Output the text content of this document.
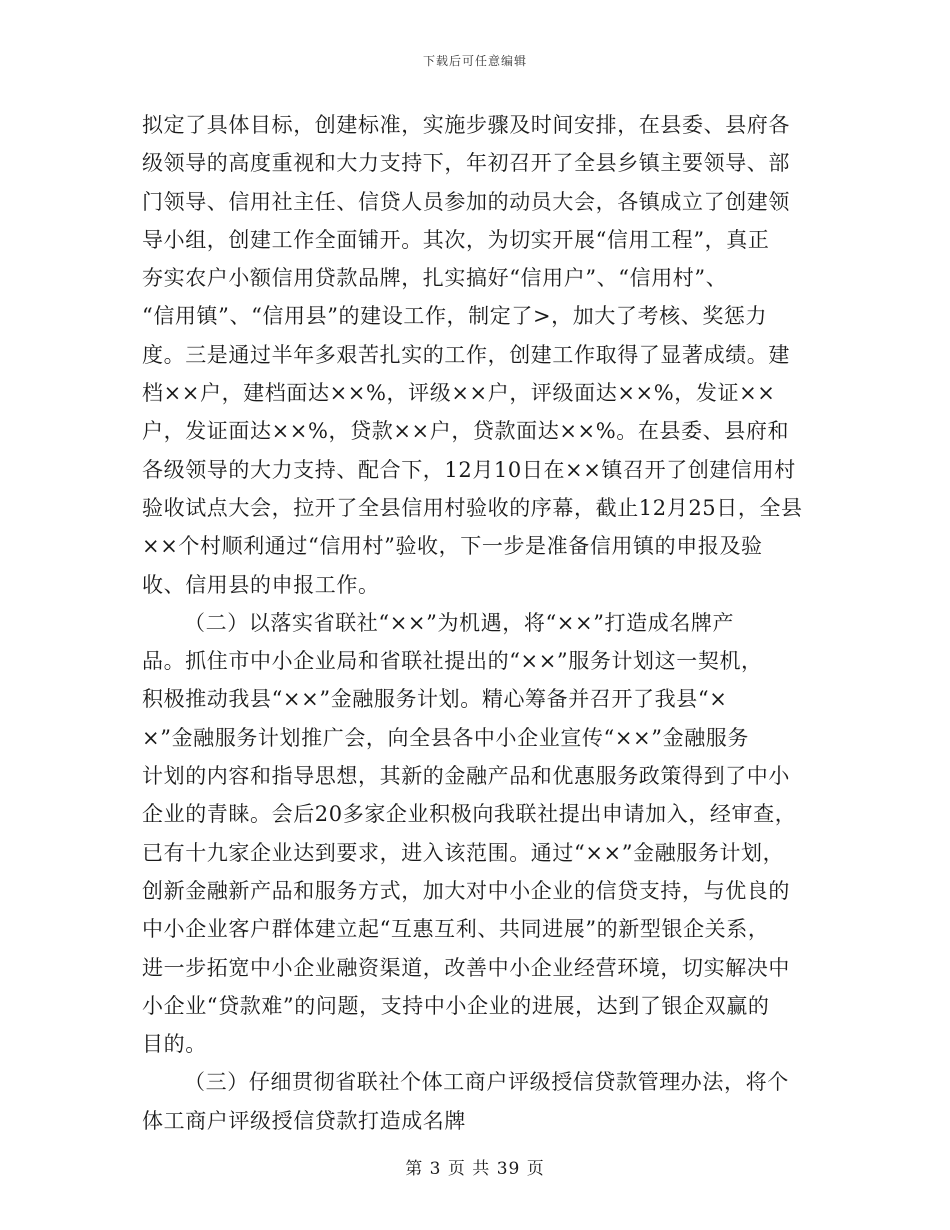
下载后可任意编辑
拟定了具体目标，创建标准，实施步骤及时间安排，在县委、县府各
级领导的高度重视和大力支持下，年初召开了全县乡镇主要领导、部
门领导、信用社主任、信贷人员参加的动员大会，各镇成立了创建领
导小组，创建工作全面铺开。其次，为切实开展“信用工程”，真正
夯实农户小额信用贷款品牌，扎实搞好“信用户”、“信用村”、
“信用镇”、“信用县”的建设工作，制定了>，加大了考核、奖惩力
度。三是通过半年多艰苦扎实的工作，创建工作取得了显著成绩。建
档××户，建档面达××%，评级××户，评级面达××%，发证××
户，发证面达××%，贷款××户，贷款面达××%。在县委、县府和
各级领导的大力支持、配合下，12月10日在××镇召开了创建信用村
验收试点大会，拉开了全县信用村验收的序幕，截止12月25日，全县
××个村顺利通过“信用村”验收，下一步是准备信用镇的申报及验
收、信用县的申报工作。
（二）以落实省联社“××”为机遇，将“××”打造成名牌产
品。抓住市中小企业局和省联社提出的“××”服务计划这一契机，
积极推动我县“××”金融服务计划。精心筹备并召开了我县“×
×”金融服务计划推广会，向全县各中小企业宣传“××”金融服务
计划的内容和指导思想，其新的金融产品和优惠服务政策得到了中小
企业的青睐。会后20多家企业积极向我联社提出申请加入，经审查，
已有十九家企业达到要求，进入该范围。通过“××”金融服务计划，
创新金融新产品和服务方式，加大对中小企业的信贷支持，与优良的
中小企业客户群体建立起“互惠互利、共同进展”的新型银企关系，
进一步拓宽中小企业融资渠道，改善中小企业经营环境，切实解决中
小企业“贷款难”的问题，支持中小企业的进展，达到了银企双赢的
目的。
（三）仔细贯彻省联社个体工商户评级授信贷款管理办法，将个
体工商户评级授信贷款打造成名牌
第 3 页 共 39 页
